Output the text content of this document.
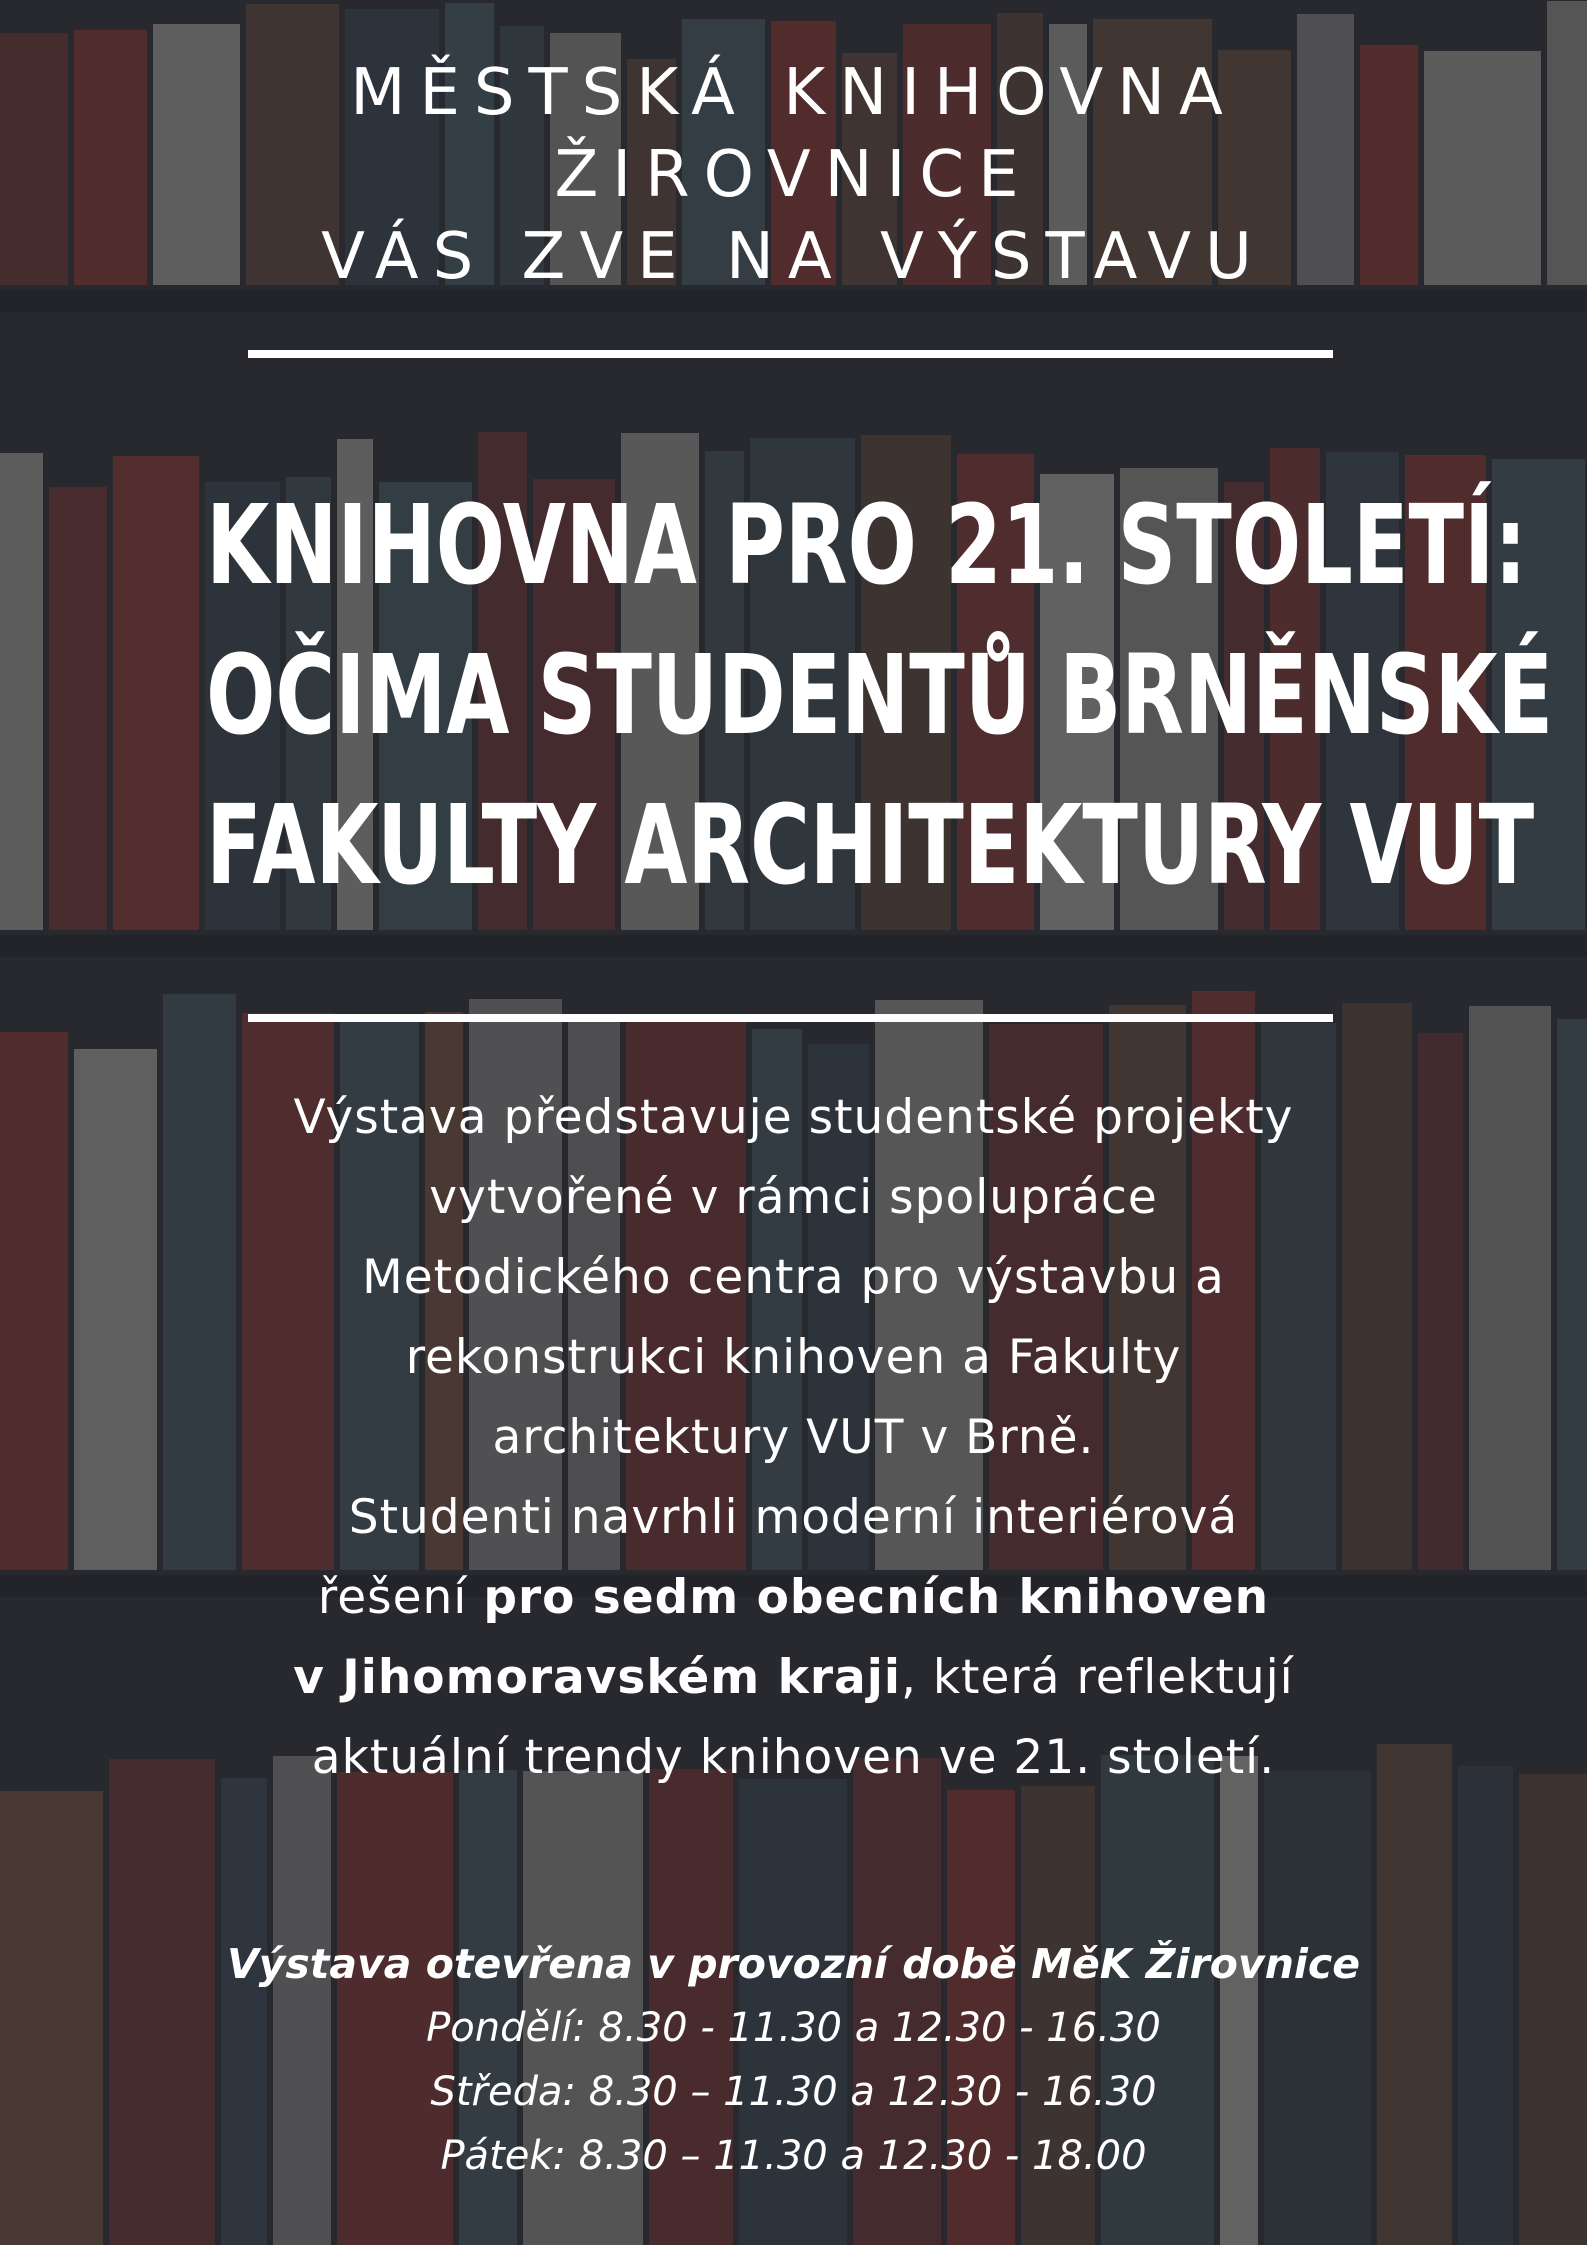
MĚSTSKÁ KNIHOVNA
ŽIROVNICE
VÁS ZVE NA VÝSTAVU
KNIHOVNA PRO 21. STOLETÍ:
OČIMA STUDENTŮ BRNĚNSKÉ
FAKULTY ARCHITEKTURY VUT
Výstava představuje studentské projekty
vytvořené v rámci spolupráce
Metodického centra pro výstavbu a
rekonstrukci knihoven a Fakulty
architektury VUT v Brně.
Studenti navrhli moderní interiérová
řešení pro sedm obecních knihoven
v Jihomoravském kraji, která reflektují
aktuální trendy knihoven ve 21. století.
Výstava otevřena v provozní době MěK Žirovnice
Pondělí: 8.30 - 11.30 a 12.30 - 16.30
Středa: 8.30 – 11.30 a 12.30 - 16.30
Pátek: 8.30 – 11.30 a 12.30 - 18.00
